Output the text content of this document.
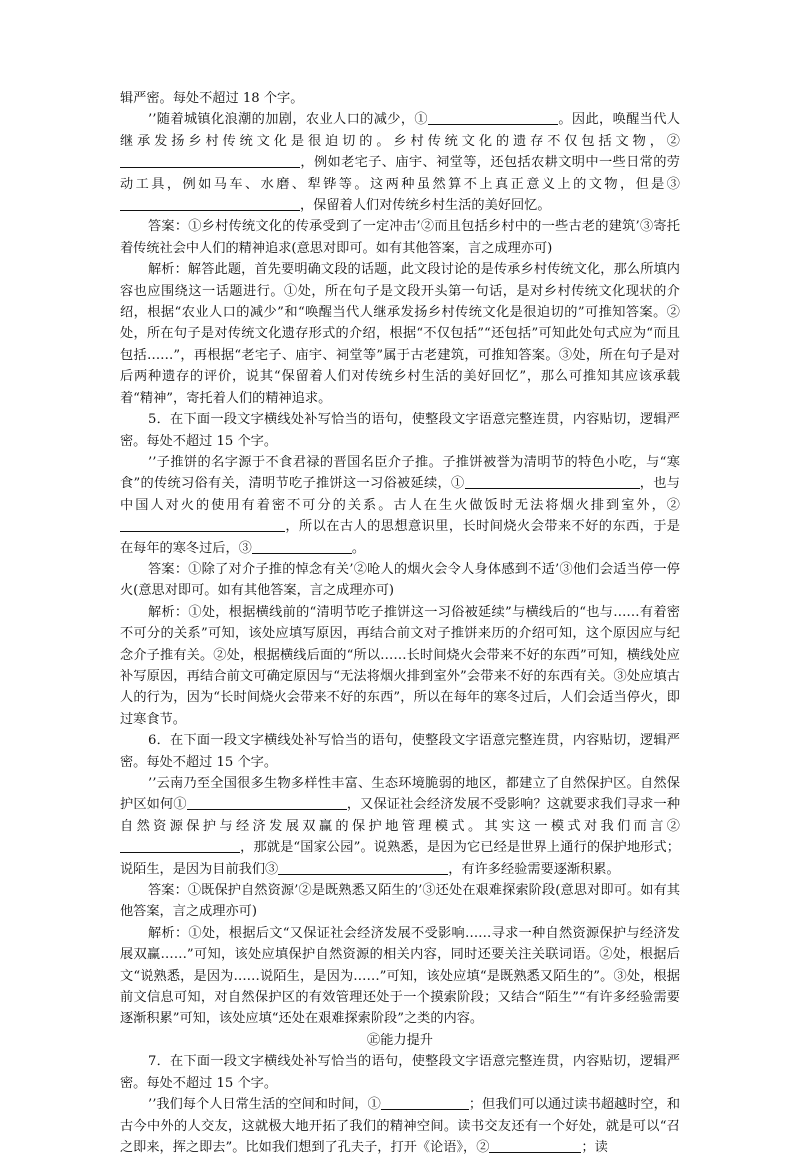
辑严密。每处不超过 18 个字。

’’随着城镇化浪潮的加剧，农业人口的减少，①	。因此，唤醒当代人继承发扬乡村传统文化是很迫切的。乡村传统文化的遗存不仅包括文物，②，例如老宅子、庙宇、祠堂等，还包括农耕文明中一些日常的劳动工具，例如马车、水磨、犁铧等。这两种虽然算不上真正意义上的文物，但是③，保留着人们对传统乡村生活的美好回忆。

答案：①乡村传统文化的传承受到了一定冲击’②而且包括乡村中的一些古老的建筑’③寄托着传统社会中人们的精神追求(意思对即可。如有其他答案，言之成理亦可)

解析：解答此题，首先要明确文段的话题，此文段讨论的是传承乡村传统文化，那么所填内容也应围绕这一话题进行。①处，所在句子是文段开头第一句话，是对乡村传统文化现状的介绍，根据“农业人口的减少”和“唤醒当代人继承发扬乡村传统文化是很迫切的”可推知答案。②处，所在句子是对传统文化遗存形式的介绍，根据“不仅包括”“还包括”可知此处句式应为“而且包括……”，再根据“老宅子、庙宇、祠堂等”属于古老建筑，可推知答案。③处，所在句子是对后两种遗存的评价，说其“保留着人们对传统乡村生活的美好回忆”，那么可推知其应该承载着“精神”，寄托着人们的精神追求。

5．在下面一段文字横线处补写恰当的语句，使整段文字语意完整连贯，内容贴切，逻辑严密。每处不超过 15 个字。

’’子推饼的名字源于不食君禄的晋国名臣介子推。子推饼被誉为清明节的特色小吃，与“寒食”的传统习俗有关，清明节吃子推饼这一习俗被延续，①	，也与中国人对火的使用有着密不可分的关系。古人在生火做饭时无法将烟火排到室外，②，所以在古人的思想意识里，长时间烧火会带来不好的东西，于是在每年的寒冬过后，③	。

答案：①除了对介子推的悼念有关’②呛人的烟火会令人身体感到不适’③他们会适当停一停火(意思对即可。如有其他答案，言之成理亦可)

解析：①处，根据横线前的“清明节吃子推饼这一习俗被延续”与横线后的“也与……有着密不可分的关系”可知，该处应填写原因，再结合前文对子推饼来历的介绍可知，这个原因应与纪念介子推有关。②处，根据横线后面的“所以……长时间烧火会带来不好的东西”可知，横线处应补写原因，再结合前文可确定原因与“无法将烟火排到室外”会带来不好的东西有关。③处应填古人的行为，因为“长时间烧火会带来不好的东西”，所以在每年的寒冬过后，人们会适当停火，即过寒食节。

6．在下面一段文字横线处补写恰当的语句，使整段文字语意完整连贯，内容贴切，逻辑严密。每处不超过 15 个字。

’’云南乃至全国很多生物多样性丰富、生态环境脆弱的地区，都建立了自然保护区。自然保护区如何①	，又保证社会经济发展不受影响？这就要求我们寻求一种自然资源保护与经济发展双赢的保护地管理模式。其实这一模式对我们而言②，那就是“国家公园”。说熟悉，是因为它已经是世界上通行的保护地形式；说陌生，是因为目前我们③	，有许多经验需要逐渐积累。

答案：①既保护自然资源’②是既熟悉又陌生的’③还处在艰难探索阶段(意思对即可。如有其他答案，言之成理亦可)

解析：①处，根据后文“又保证社会经济发展不受影响……寻求一种自然资源保护与经济发展双赢……”可知，该处应填保护自然资源的相关内容，同时还要关注关联词语。②处，根据后文“说熟悉，是因为……说陌生，是因为……”可知，该处应填“是既熟悉又陌生的”。③处，根据前文信息可知，对自然保护区的有效管理还处于一个摸索阶段；又结合“陌生”“有许多经验需要逐渐积累”可知，该处应填“还处在艰难探索阶段”之类的内容。

㊣能力提升

7．在下面一段文字横线处补写恰当的语句，使整段文字语意完整连贯，内容贴切，逻辑严密。每处不超过 15 个字。

’’我们每个人日常生活的空间和时间，①	；但我们可以通过读书超越时空，和古今中外的人交友，这就极大地开拓了我们的精神空间。读书交友还有一个好处，就是可以“召之即来，挥之即去”。比如我们想到了孔夫子，打开《论语》，②	；读
